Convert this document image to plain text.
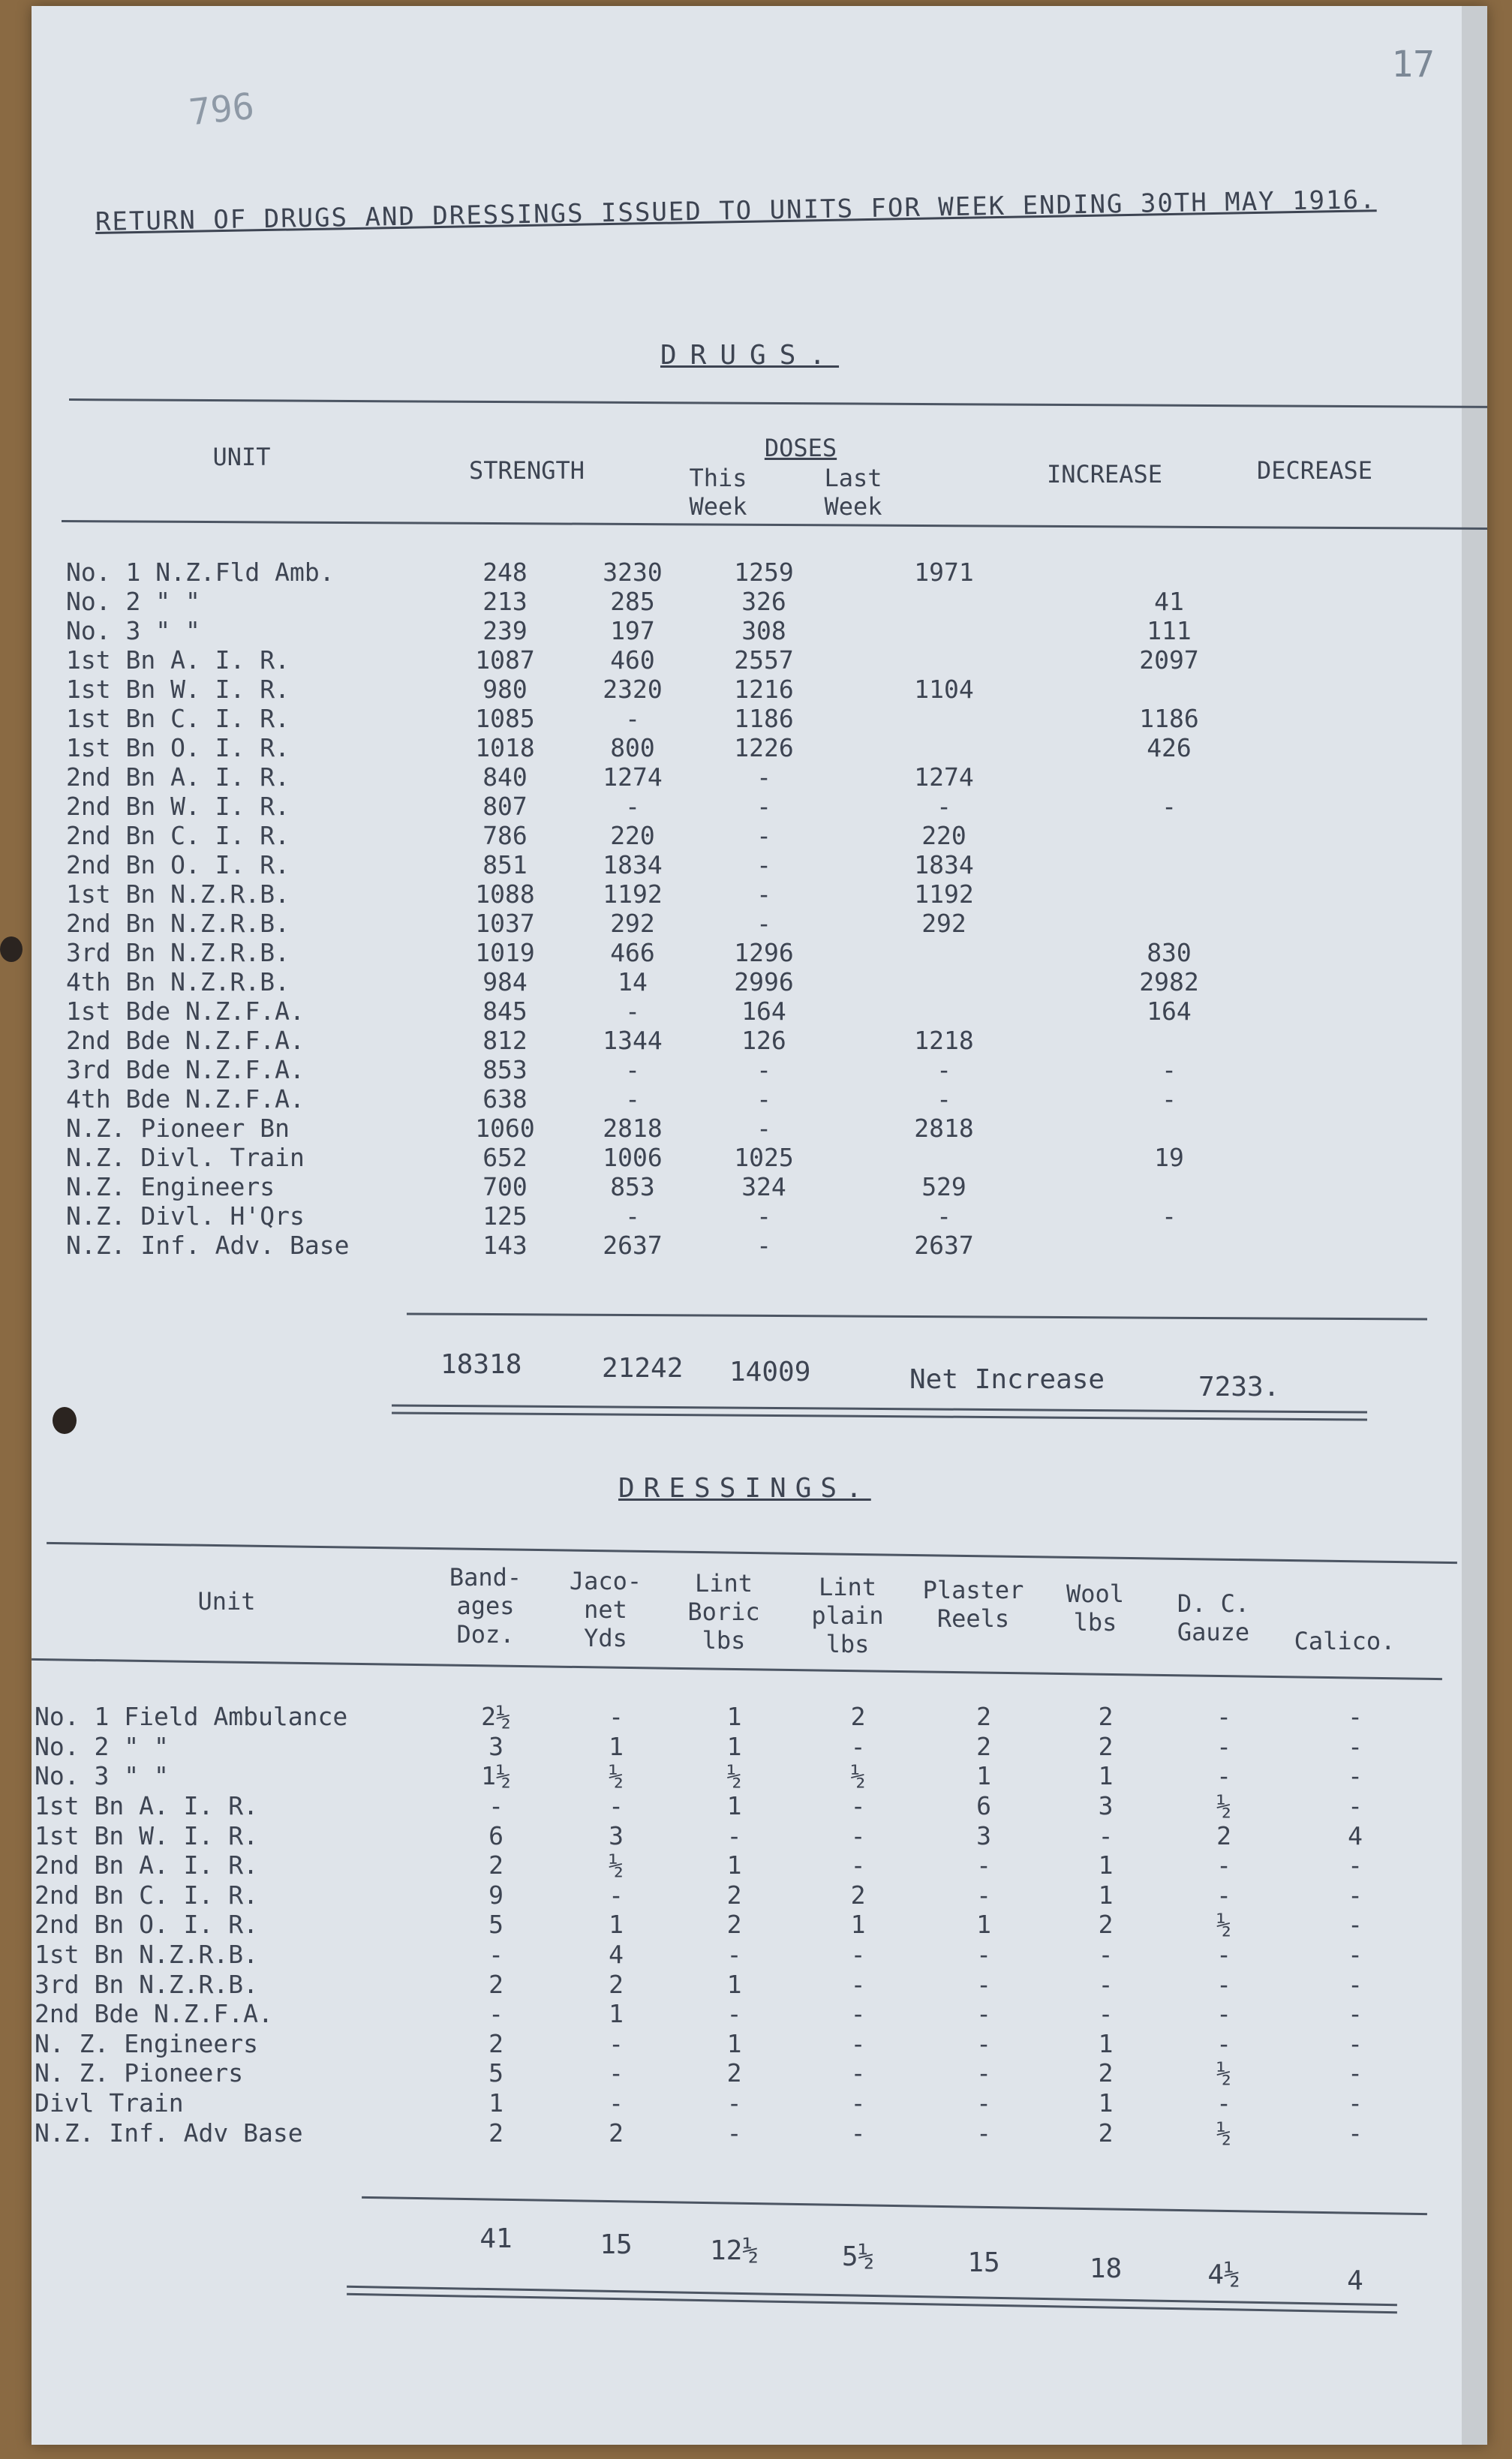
796
17
RETURN OF DRUGS AND DRESSINGS ISSUED TO UNITS FOR WEEK ENDING 30TH MAY 1916.
DRUGS.
UNIT	STRENGTH
DOSES
This
Week
Last
Week
INCREASE	DECREASE
No. 1 N.Z.Fld Amb.	248	3230	1259	1971	
No. 2 " "	213	285	326		41
No. 3 " "	239	197	308		111
1st Bn A. I. R.	1087	460	2557		2097
1st Bn W. I. R.	980	2320	1216	1104	
1st Bn C. I. R.	1085	-	1186		1186
1st Bn O. I. R.	1018	800	1226		426
2nd Bn A. I. R.	840	1274	-	1274	
2nd Bn W. I. R.	807	-	-	-	-
2nd Bn C. I. R.	786	220	-	220	
2nd Bn O. I. R.	851	1834	-	1834	
1st Bn N.Z.R.B.	1088	1192	-	1192	
2nd Bn N.Z.R.B.	1037	292	-	292	
3rd Bn N.Z.R.B.	1019	466	1296		830
4th Bn N.Z.R.B.	984	14	2996		2982
1st Bde N.Z.F.A.	845	-	164		164
2nd Bde N.Z.F.A.	812	1344	126	1218	
3rd Bde N.Z.F.A.	853	-	-	-	-
4th Bde N.Z.F.A.	638	-	-	-	-
N.Z. Pioneer Bn	1060	2818	-	2818	
N.Z. Divl. Train	652	1006	1025		19
N.Z. Engineers	700	853	324	529	
N.Z. Divl. H'Qrs	125	-	-	-	-
N.Z. Inf. Adv. Base	143	2637	-	2637	
18318	21242 14009	Net Increase	7233.
DRESSINGS.
Unit
Band-
ages
Doz.
Jaco-
net
Yds
Lint
Boric
lbs
Lint
plain
lbs
Plaster
Reels
Wool
lbs
D. C.
Gauze	Calico.
No. 1 Field Ambulance	2½	-	1	2	2	2	-	-
No. 2 " "	3	1	1	-	2	2	-	-
No. 3 " "	1½	½	½	½	1	1	-	-
1st Bn A. I. R.	-	-	1	-	6	3	½	-
1st Bn W. I. R.	6	3	-	-	3	-	2	4
2nd Bn A. I. R.	2	½	1	-	-	1	-	-
2nd Bn C. I. R.	9	-	2	2	-	1	-	-
2nd Bn O. I. R.	5	1	2	1	1	2	½	-
1st Bn N.Z.R.B.	-	4	-	-	-	-	-	-
3rd Bn N.Z.R.B.	2	2	1	-	-	-	-	-
2nd Bde N.Z.F.A.	-	1	-	-	-	-	-	-
N. Z. Engineers	2	-	1	-	-	1	-	-
N. Z. Pioneers	5	-	2	-	-	2	½	-
Divl Train	1	-	-	-	-	1	-	-
N.Z. Inf. Adv Base	2	2	-	-	-	2	½	-
41	15	12½	5½	15	18	4½	4
